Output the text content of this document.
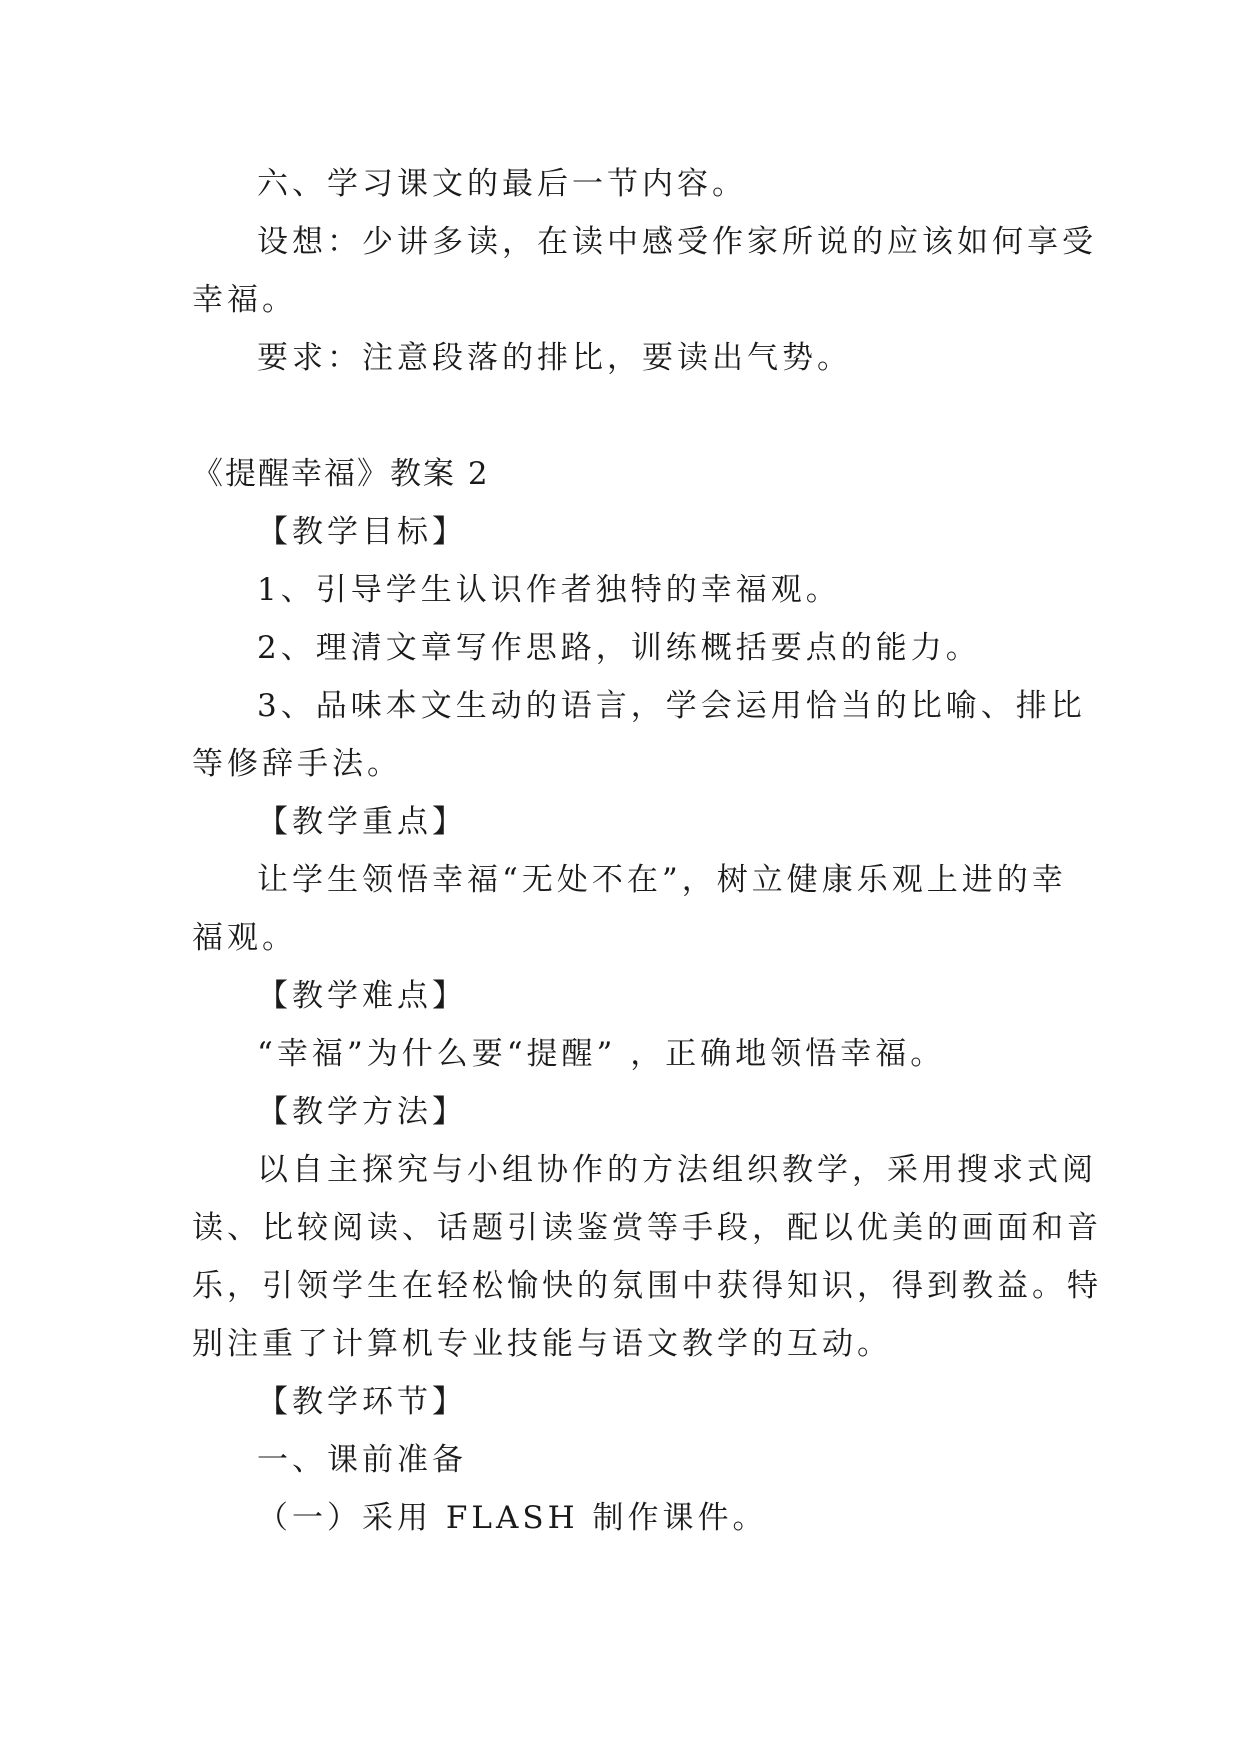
六、学习课文的最后一节内容。
设想：少讲多读，在读中感受作家所说的应该如何享受
幸福。
要求：注意段落的排比，要读出气势。
《提醒幸福》教案 2
【教学目标】
1、引导学生认识作者独特的幸福观。
2、理清文章写作思路，训练概括要点的能力。
3、品味本文生动的语言，学会运用恰当的比喻、排比
等修辞手法。
【教学重点】
让学生领悟幸福“无处不在”，树立健康乐观上进的幸
福观。
【教学难点】
“幸福”为什么要“提醒” ，正确地领悟幸福。
【教学方法】
以自主探究与小组协作的方法组织教学，采用搜求式阅
读、比较阅读、话题引读鉴赏等手段，配以优美的画面和音
乐，引领学生在轻松愉快的氛围中获得知识，得到教益。特
别注重了计算机专业技能与语文教学的互动。
【教学环节】
一、课前准备
（一）采用 FLASH 制作课件。
